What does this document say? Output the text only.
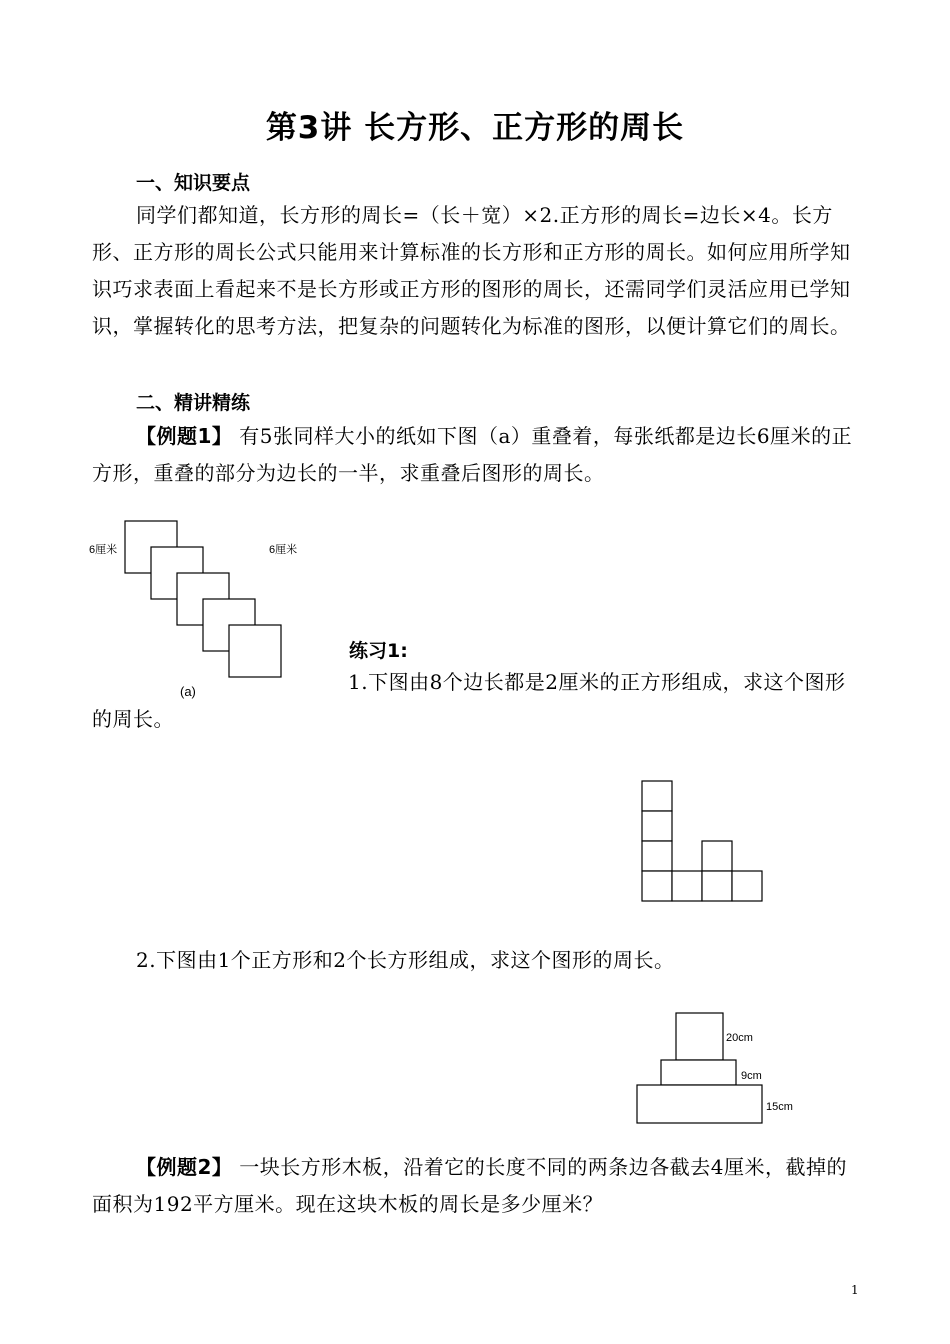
第3讲 长方形、正方形的周长
一、知识要点
同学们都知道，长方形的周长=（长＋宽）×2.正方形的周长=边长×4。长方形、正方形的周长公式只能用来计算标准的长方形和正方形的周长。如何应用所学知识巧求表面上看起来不是长方形或正方形的图形的周长，还需同学们灵活应用已学知识，掌握转化的思考方法，把复杂的问题转化为标准的图形，以便计算它们的周长。
二、精讲精练
【例题1】 有5张同样大小的纸如下图（a）重叠着，每张纸都是边长6厘米的正方形，重叠的部分为边长的一半，求重叠后图形的周长。
6厘米	6厘米
(a)
练习1:
1.下图由8个边长都是2厘米的正方形组成，求这个图形的周长。
2.下图由1个正方形和2个长方形组成，求这个图形的周长。
20cm
9cm
15cm
【例题2】 一块长方形木板，沿着它的长度不同的两条边各截去4厘米，截掉的面积为192平方厘米。现在这块木板的周长是多少厘米？
1
